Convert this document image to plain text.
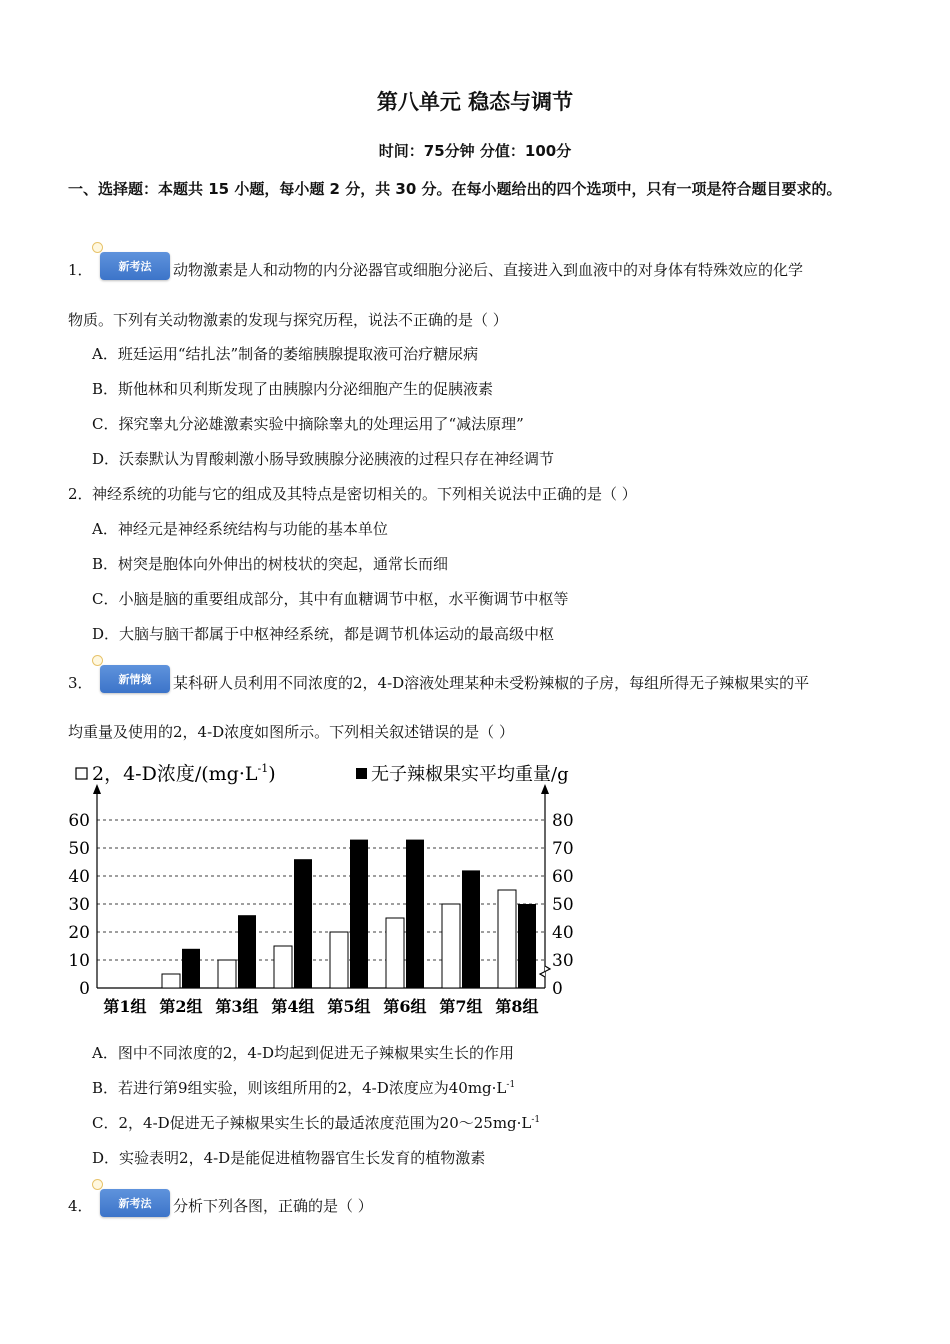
第八单元 稳态与调节
时间：75分钟 分值：100分
一、选择题：本题共 15 小题，每小题 2 分，共 30 分。在每小题给出的四个选项中，只有一项是符合题目要求的。
1．	新考法	动物激素是人和动物的内分泌器官或细胞分泌后、直接进入到血液中的对身体有特殊效应的化学
物质。下列有关动物激素的发现与探究历程，说法不正确的是（ ）
A．班廷运用“结扎法”制备的萎缩胰腺提取液可治疗糖尿病
B．斯他林和贝利斯发现了由胰腺内分泌细胞产生的促胰液素
C．探究睾丸分泌雄激素实验中摘除睾丸的处理运用了“减法原理”
D．沃泰默认为胃酸刺激小肠导致胰腺分泌胰液的过程只存在神经调节
2． 神经系统的功能与它的组成及其特点是密切相关的。下列相关说法中正确的是（ ）
A．神经元是神经系统结构与功能的基本单位
B．树突是胞体向外伸出的树枝状的突起，通常长而细
C．小脑是脑的重要组成部分，其中有血糖调节中枢，水平衡调节中枢等
D．大脑与脑干都属于中枢神经系统，都是调节机体运动的最高级中枢
3．	新情境	某科研人员利用不同浓度的2，4-D溶液处理某种未受粉辣椒的子房，每组所得无子辣椒果实的平
均重量及使用的2，4-D浓度如图所示。下列相关叙述错误的是（ ）
2，4-D浓度$/(mg\cdot L^{-1})$	无子辣椒果实平均重量/g
0
10
20
30
40
50
60
0
30
40
50
60
70
80
第1组 第2组 第3组 第4组 第5组 第6组 第7组 第8组
A．图中不同浓度的2，4-D均起到促进无子辣椒果实生长的作用
B．若进行第9组实验，则该组所用的2，4-D浓度应为$40mg\cdot L^{-1}$
C．2，4-D促进无子辣椒果实生长的最适浓度范围为$20\sim 25mg\cdot L^{-1}$
D．实验表明2，4-D是能促进植物器官生长发育的植物激素
4．	新考法	分析下列各图，正确的是（ ）
